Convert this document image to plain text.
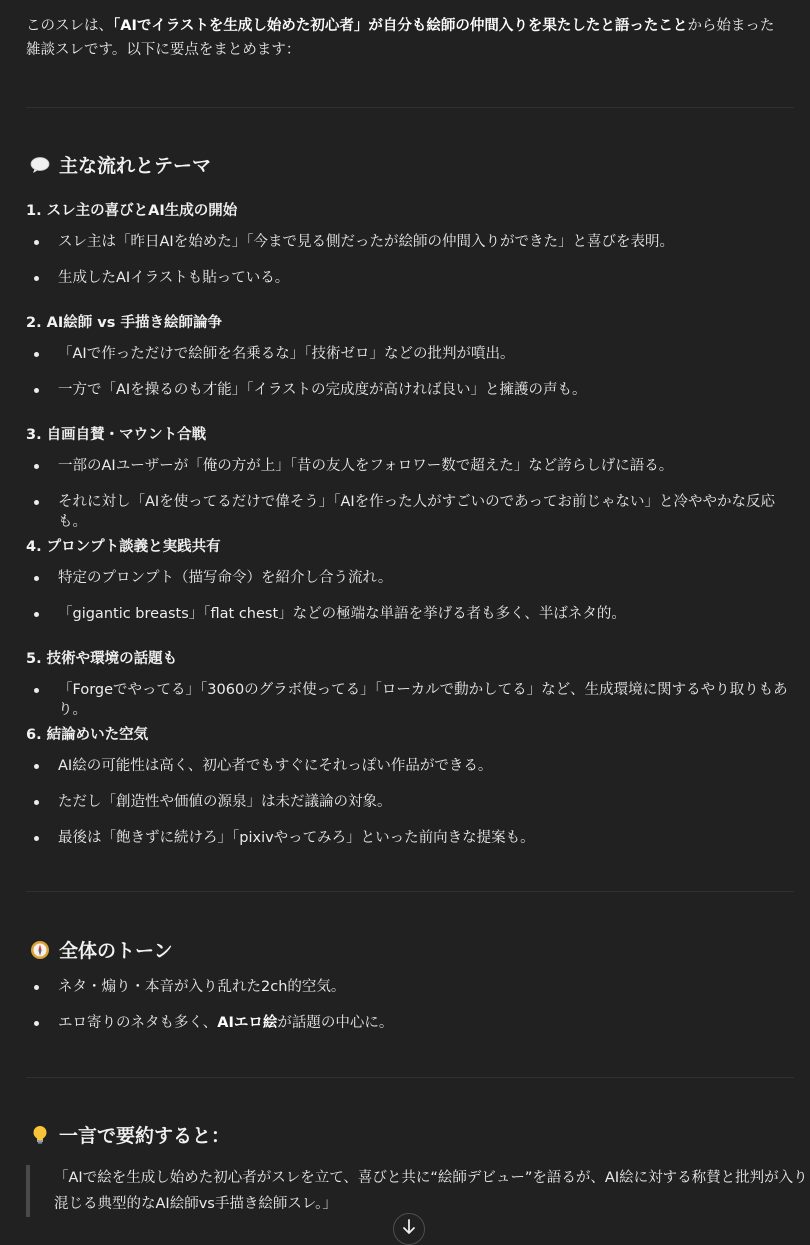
このスレは、「AIでイラストを生成し始めた初心者」が自分も絵師の仲間入りを果たしたと語ったことから始まった雑談スレです。以下に要点をまとめます：

主な流れとテーマ
1. スレ主の喜びとAI生成の開始
スレ主は「昨日AIを始めた」「今まで見る側だったが絵師の仲間入りができた」と喜びを表明。
生成したAIイラストも貼っている。
2. AI絵師 vs 手描き絵師論争
「AIで作っただけで絵師を名乗るな」「技術ゼロ」などの批判が噴出。
一方で「AIを操るのも才能」「イラストの完成度が高ければ良い」と擁護の声も。
3. 自画自賛・マウント合戦
一部のAIユーザーが「俺の方が上」「昔の友人をフォロワー数で超えた」など誇らしげに語る。
それに対し「AIを使ってるだけで偉そう」「AIを作った人がすごいのであってお前じゃない」と冷ややかな反応も。
4. プロンプト談義と実践共有
特定のプロンプト（描写命令）を紹介し合う流れ。
「gigantic breasts」「flat chest」などの極端な単語を挙げる者も多く、半ばネタ的。
5. 技術や環境の話題も
「Forgeでやってる」「3060のグラボ使ってる」「ローカルで動かしてる」など、生成環境に関するやり取りもあり。
6. 結論めいた空気
AI絵の可能性は高く、初心者でもすぐにそれっぽい作品ができる。
ただし「創造性や価値の源泉」は未だ議論の対象。
最後は「飽きずに続けろ」「pixivやってみろ」といった前向きな提案も。
全体のトーン
ネタ・煽り・本音が入り乱れた2ch的空気。
エロ寄りのネタも多く、AIエロ絵が話題の中心に。
一言で要約すると：
「AIで絵を生成し始めた初心者がスレを立て、喜びと共に“絵師デビュー”を語るが、AI絵に対する称賛と批判が入り混じる典型的なAI絵師vs手描き絵師スレ。」
